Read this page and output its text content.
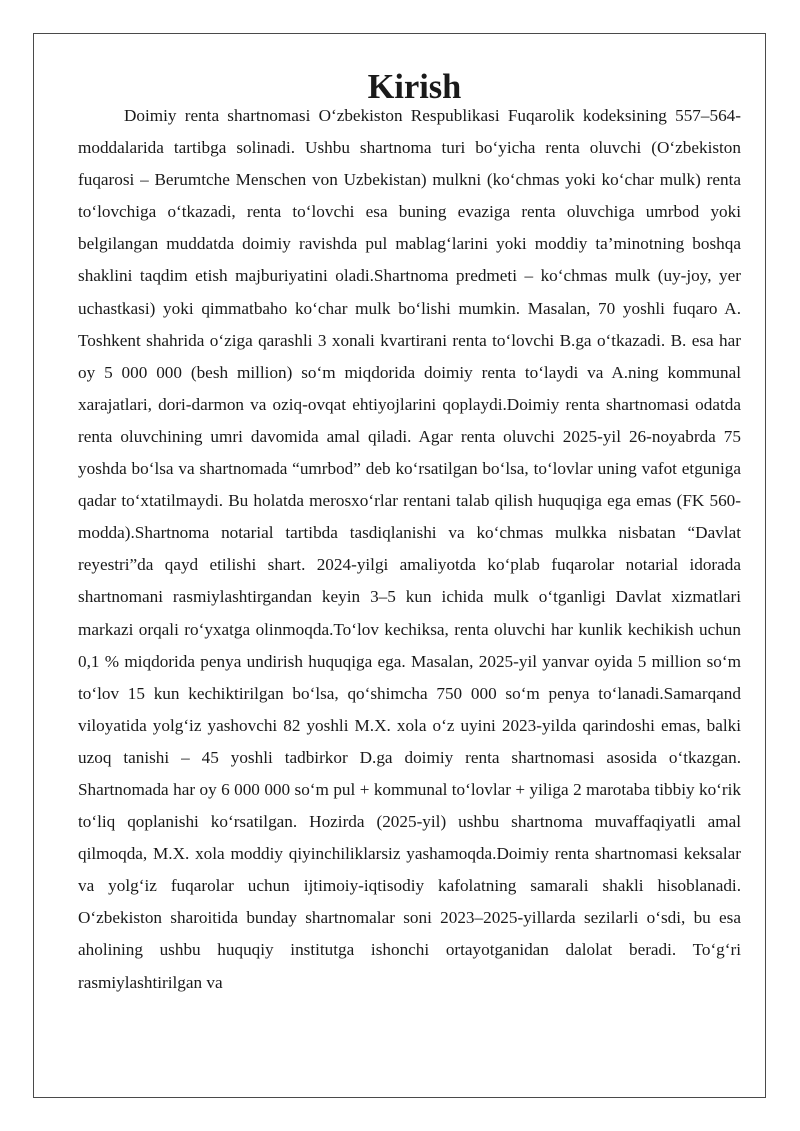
Kirish

Doimiy renta shartnomasi O‘zbekiston Respublikasi Fuqarolik kodeksining 557–564-moddalarida tartibga solinadi. Ushbu shartnoma turi bo‘yicha renta oluvchi (O‘zbekiston fuqarosi – Berumtche Menschen von Uzbekistan) mulkni (ko‘chmas yoki ko‘char mulk) renta to‘lovchiga o‘tkazadi, renta to‘lovchi esa buning evaziga renta oluvchiga umrbod yoki belgilangan muddatda doimiy ravishda pul mablag‘larini yoki moddiy ta’minotning boshqa shaklini taqdim etish majburiyatini oladi.Shartnoma predmeti – ko‘chmas mulk (uy-joy, yer uchastkasi) yoki qimmatbaho ko‘char mulk bo‘lishi mumkin. Masalan, 70 yoshli fuqaro A. Toshkent shahrida o‘ziga qarashli 3 xonali kvartirani renta to‘lovchi B.ga o‘tkazadi. B. esa har oy 5 000 000 (besh million) so‘m miqdorida doimiy renta to‘laydi va A.ning kommunal xarajatlari, dori-darmon va oziq-ovqat ehtiyojlarini qoplaydi.Doimiy renta shartnomasi odatda renta oluvchining umri davomida amal qiladi. Agar renta oluvchi 2025-yil 26-noyabrda 75 yoshda bo‘lsa va shartnomada “umrbod” deb ko‘rsatilgan bo‘lsa, to‘lovlar uning vafot etguniga qadar to‘xtatilmaydi. Bu holatda merosxo‘rlar rentani talab qilish huquqiga ega emas (FK 560-modda).Shartnoma notarial tartibda tasdiqlanishi va ko‘chmas mulkka nisbatan “Davlat reyestri”da qayd etilishi shart. 2024-yilgi amaliyotda ko‘plab fuqarolar notarial idorada shartnomani rasmiylashtirgandan keyin 3–5 kun ichida mulk o‘tganligi Davlat xizmatlari markazi orqali ro‘yxatga olinmoqda.To‘lov kechiksa, renta oluvchi har kunlik kechikish uchun 0,1 % miqdorida penya undirish huquqiga ega. Masalan, 2025-yil yanvar oyida 5 million so‘m to‘lov 15 kun kechiktirilgan bo‘lsa, qo‘shimcha 750 000 so‘m penya to‘lanadi.Samarqand viloyatida yolg‘iz yashovchi 82 yoshli M.X. xola o‘z uyini 2023-yilda qarindoshi emas, balki uzoq tanishi – 45 yoshli tadbirkor D.ga doimiy renta shartnomasi asosida o‘tkazgan. Shartnomada har oy 6 000 000 so‘m pul + kommunal to‘lovlar + yiliga 2 marotaba tibbiy ko‘rik to‘liq qoplanishi ko‘rsatilgan. Hozirda (2025-yil) ushbu shartnoma muvaffaqiyatli amal qilmoqda, M.X. xola moddiy qiyinchiliklarsiz yashamoqda.Doimiy renta shartnomasi keksalar va yolg‘iz fuqarolar uchun ijtimoiy-iqtisodiy kafolatning samarali shakli hisoblanadi. O‘zbekiston sharoitida bunday shartnomalar soni 2023–2025-yillarda sezilarli o‘sdi, bu esa aholining ushbu huquqiy institutga ishonchi ortayotganidan dalolat beradi. To‘g‘ri rasmiylashtirilgan va
